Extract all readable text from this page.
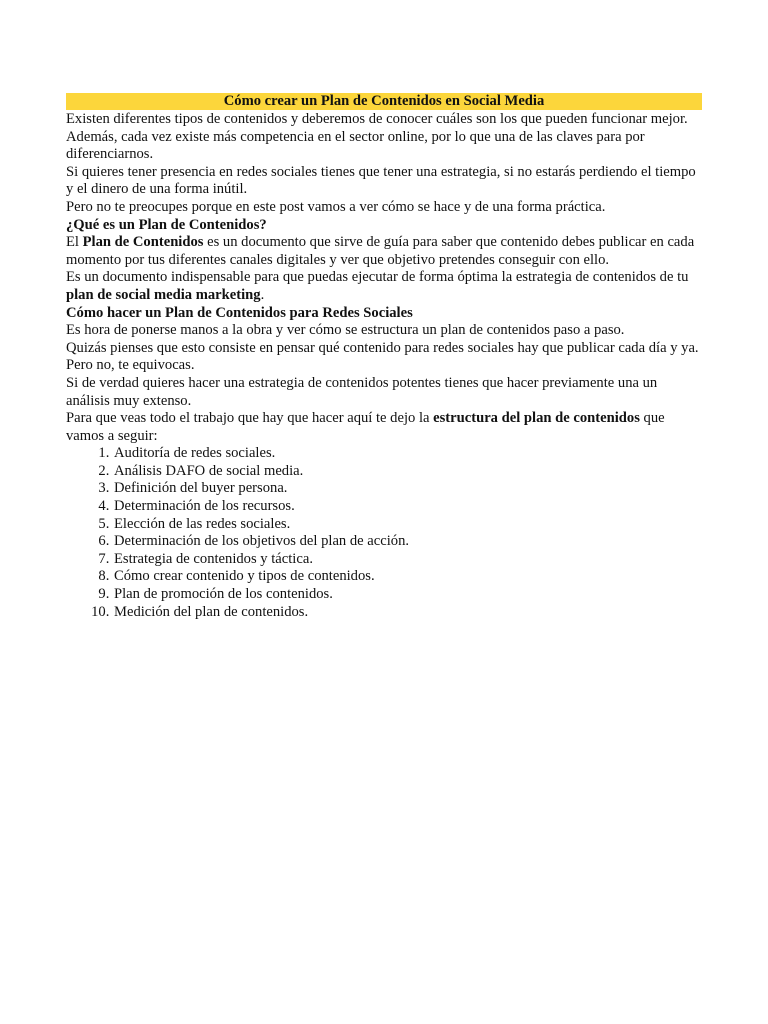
Cómo crear un Plan de Contenidos en Social Media

Existen diferentes tipos de contenidos y deberemos de conocer cuáles son los que pueden funcionar mejor.

Además, cada vez existe más competencia en el sector online, por lo que una de las claves para por diferenciarnos.

Si quieres tener presencia en redes sociales tienes que tener una estrategia, si no estarás perdiendo el tiempo y el dinero de una forma inútil.

Pero no te preocupes porque en este post vamos a ver cómo se hace y de una forma práctica.

¿Qué es un Plan de Contenidos?

El Plan de Contenidos es un documento que sirve de guía para saber que contenido debes publicar en cada momento por tus diferentes canales digitales y ver que objetivo pretendes conseguir con ello.

Es un documento indispensable para que puedas ejecutar de forma óptima la estrategia de contenidos de tu plan de social media marketing.

Cómo hacer un Plan de Contenidos para Redes Sociales

Es hora de ponerse manos a la obra y ver cómo se estructura un plan de contenidos paso a paso.

Quizás pienses que esto consiste en pensar qué contenido para redes sociales hay que publicar cada día y ya.

Pero no, te equivocas.

Si de verdad quieres hacer una estrategia de contenidos potentes tienes que hacer previamente una un análisis muy extenso.

Para que veas todo el trabajo que hay que hacer aquí te dejo la estructura del plan de contenidos que vamos a seguir:

1. Auditoría de redes sociales.
2. Análisis DAFO de social media.
3. Definición del buyer persona.
4. Determinación de los recursos.
5. Elección de las redes sociales.
6. Determinación de los objetivos del plan de acción.
7. Estrategia de contenidos y táctica.
8. Cómo crear contenido y tipos de contenidos.
9. Plan de promoción de los contenidos.
10. Medición del plan de contenidos.
